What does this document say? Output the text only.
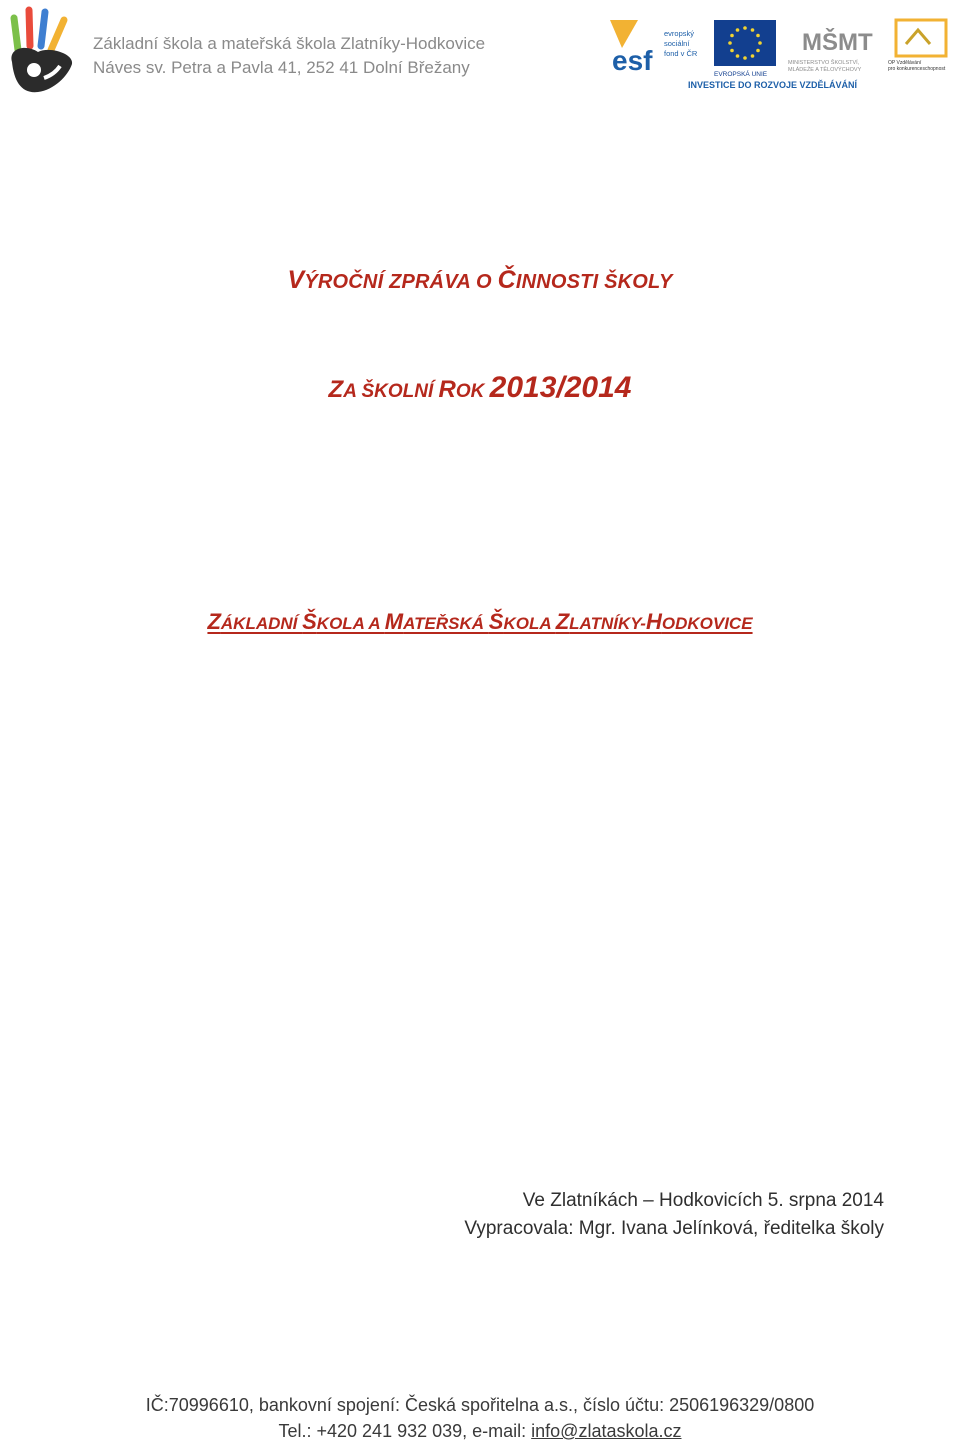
Základní škola a mateřská škola Zlatníky-Hodkovice
Náves sv. Petra a Pavla 41, 252 41 Dolní Břežany	esf
evropský
sociální
fond v ČR
EVROPSKÁ UNIE
MŠMT
MINISTERSTVO ŠKOLSTVÍ,
MLÁDEŽE A TĚLOVÝCHOVY
OP Vzdělávání
pro konkurenceschopnost
INVESTICE DO ROZVOJE VZDĚLÁVÁNÍ
VÝROČNÍ ZPRÁVA O ČINNOSTI ŠKOLY
ZA ŠKOLNÍ ROK 2013/2014
ZÁKLADNÍ ŠKOLA A MATEŘSKÁ ŠKOLA ZLATNÍKY-HODKOVICE
Ve Zlatníkách – Hodkovicích 5. srpna 2014
Vypracovala: Mgr. Ivana Jelínková, ředitelka školy
IČ:70996610, bankovní spojení: Česká spořitelna a.s., číslo účtu: 2506196329/0800
Tel.: +420 241 932 039, e-mail: info@zlataskola.cz
